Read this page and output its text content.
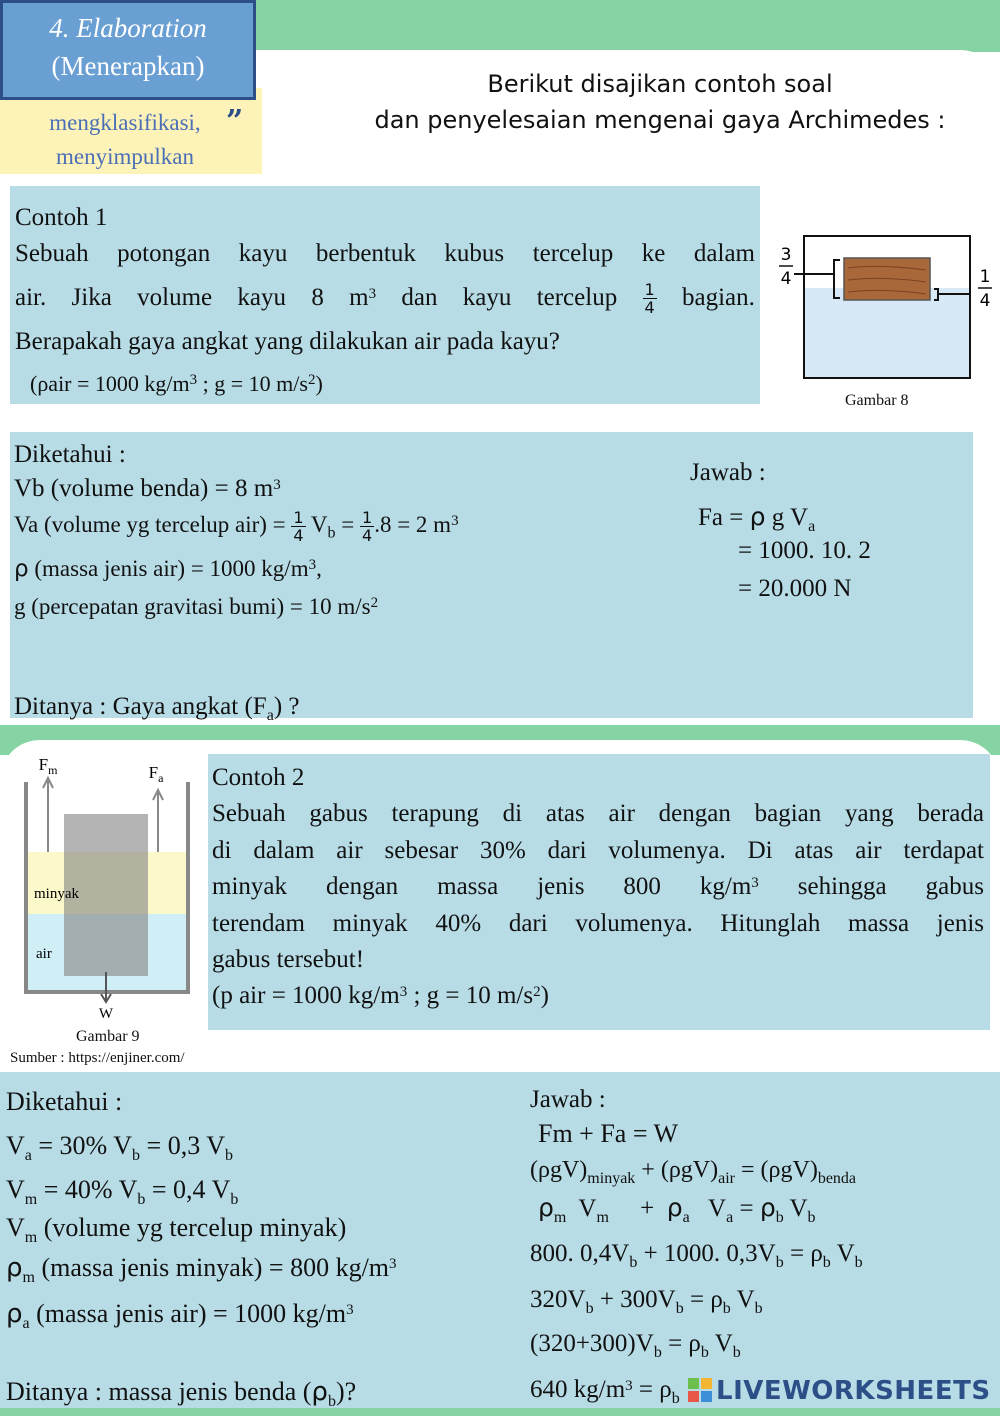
mengklasifikasi,
menyimpulkan
”
4. Elaboration
(Menerapkan)
Berikut disajikan contoh soal
dan penyelesaian mengenai gaya Archimedes :
Contoh 1
Sebuah potongan kayu berbentuk kubus tercelup ke dalam
air. Jika volume kayu 8 $m^3$ dan kayu tercelup $\frac{1}{4}$ bagian.
Berapakah gaya angkat yang dilakukan air pada kayu?
(ρair = 1000 $kg/m^3$ ; g = 10 $m/s^2$)
3
4	1
4
Gambar 8
Diketahui :
Vb (volume benda) = 8 $m^3$
Va (volume yg tercelup $air) = \frac{1}{4} V_b = \frac{1}{4} .8 = 2$ $m^3$
ρ (massa jenis air) = 1000 $kg/m^3$,
g (percepatan gravitasi bumi) = 10 $m/s^2$
Ditanya : Gaya angkat $(F_a)$ ?
Jawab :
Fa = ρ g $V_a$
= 1000. 10. 2
= 20.000 N
$F_m$	$F_a$
minyak
air
W
Gambar 9
Sumber : https://enjiner.com/
Contoh 2
Sebuah gabus terapung di atas air dengan bagian yang berada
di dalam air sebesar 30% dari volumenya. Di atas air terdapat
minyak dengan massa jenis 800 $kg/m^3$ sehingga gabus
terendam minyak 40% dari volumenya. Hitunglah massa jenis
gabus tersebut!
(p air = 1000 $kg/m^3$ ; g = 10 $m/s^2$)
Diketahui :
$V_a = 30\%$ $V_b = 0,3$ $V_b$
$V_m = 40\%$ $V_b = 0,4$ $V_b$
$V_m$ (volume yg tercelup minyak)
$\rho_m$ (massa jenis minyak) = 800 $kg/m^3$
$\rho_a$ (massa jenis air) = 1000 $kg/m^3$
Ditanya : massa jenis benda $(\rho_b)$?
Jawab :
Fm + Fa = W
$(\rho gV)_{minyak} + (\rho gV)_{air} = (\rho gV)_{benda}$
$\rho_m$  $V_m$     +  $\rho_a$   $V_a = \rho_b$ $V_b$
800. $0,4V_b + 1000$. $0,3V_b = \rho_b$ $V_b$
$320V_b + 300V_b = \rho_b$ $V_b$
$(320+300)V_b = \rho_b$ $V_b$
640 $kg/m^3 = \rho_b$	LIVEWORKSHEETS
